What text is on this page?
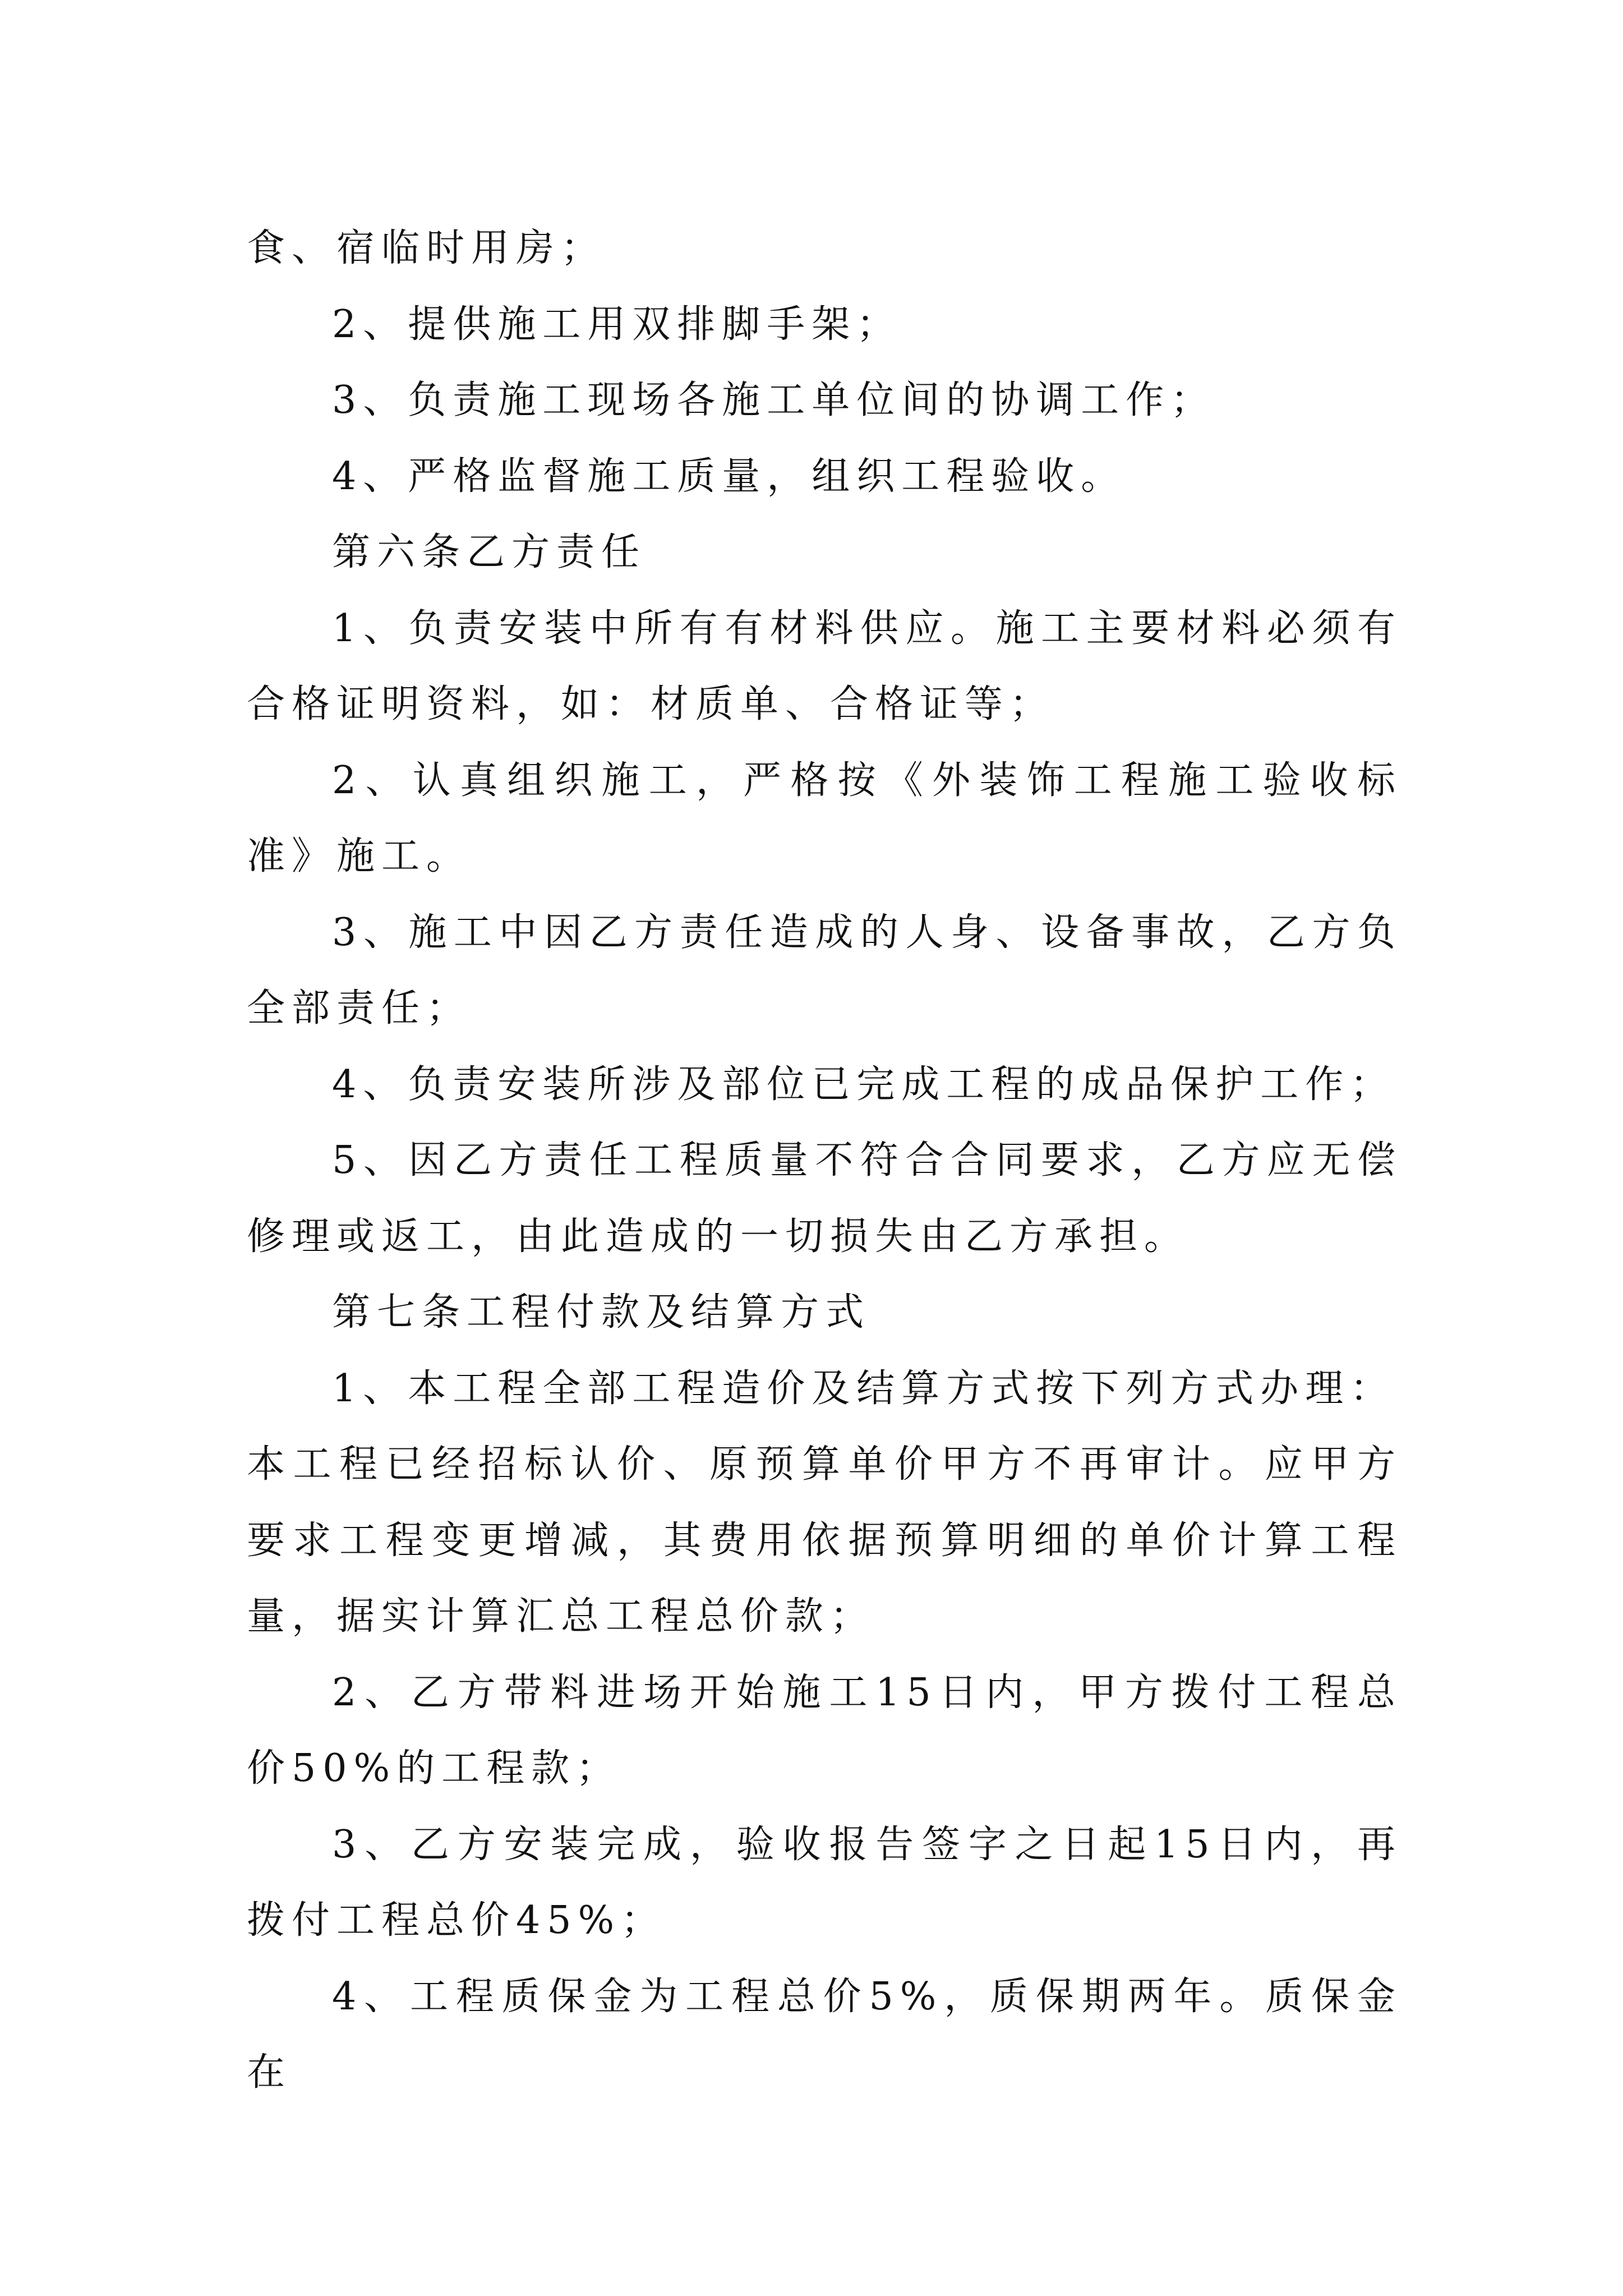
食、宿临时用房；

2、提供施工用双排脚手架；

3、负责施工现场各施工单位间的协调工作；

4、严格监督施工质量，组织工程验收。

第六条乙方责任

1、负责安装中所有有材料供应。施工主要材料必须有合格证明资料，如：材质单、合格证等；

2、认真组织施工，严格按《外装饰工程施工验收标准》施工。

3、施工中因乙方责任造成的人身、设备事故，乙方负全部责任；

4、负责安装所涉及部位已完成工程的成品保护工作；

5、因乙方责任工程质量不符合合同要求，乙方应无偿修理或返工，由此造成的一切损失由乙方承担。

第七条工程付款及结算方式

1、本工程全部工程造价及结算方式按下列方式办理：

本工程已经招标认价、原预算单价甲方不再审计。应甲方要求工程变更增减，其费用依据预算明细的单价计算工程量，据实计算汇总工程总价款；

2、乙方带料进场开始施工15日内，甲方拨付工程总价50%的工程款；

3、乙方安装完成，验收报告签字之日起15日内，再拨付工程总价45%；

4、工程质保金为工程总价5%，质保期两年。质保金在
